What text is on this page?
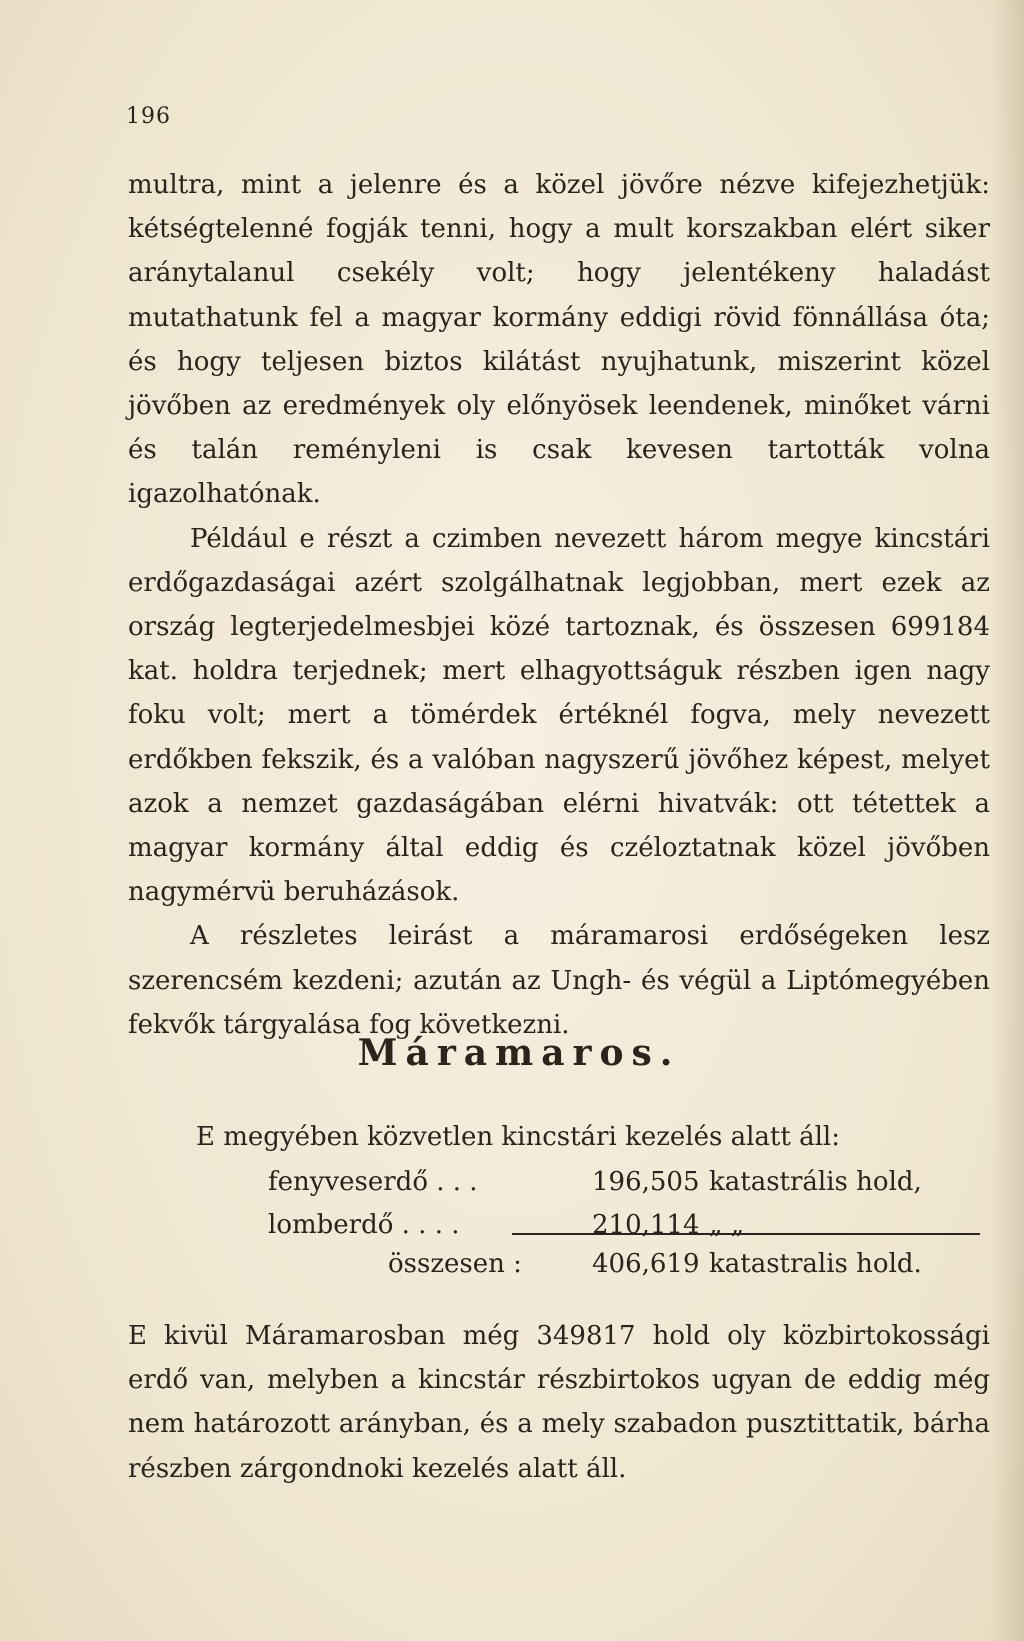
196

multra, mint a jelenre és a közel jövőre nézve kifejezhetjük: kétségtelenné fogják tenni, hogy a mult korszakban elért siker aránytalanul csekély volt; hogy jelentékeny haladást mutathatunk fel a magyar kormány eddigi rövid fönnállása óta; és hogy teljesen biztos kilátást nyujhatunk, miszerint közel jövőben az eredmények oly előnyösek leendenek, minőket várni és talán reményleni is csak kevesen tartották volna igazolhatónak.

Például e részt a czimben nevezett három megye kincstári erdőgazdaságai azért szolgálhatnak legjobban, mert ezek az ország legterjedelmesbjei közé tartoznak, és összesen 699184 kat. holdra terjednek; mert elhagyottságuk részben igen nagy foku volt; mert a tömérdek értéknél fogva, mely nevezett erdőkben fekszik, és a valóban nagyszerű jövőhez képest, melyet azok a nemzet gazdaságában elérni hivatvák: ott tétettek a magyar kormány által eddig és czéloztatnak közel jövőben nagymérvü beruházások.

A részletes leirást a máramarosi erdőségeken lesz szerencsém kezdeni; azután az Ungh- és végül a Liptómegyében fekvők tárgyalása fog következni.

Máramaros.

E megyében közvetlen kincstári kezelés alatt áll:

fenyveserdő . . .	196,505 katastrális hold,
lomberdő . . . .	210,114 „ „
összesen :	406,619 katastralis hold.

E kivül Máramarosban még 349817 hold oly közbirtokossági erdő van, melyben a kincstár részbirtokos ugyan de eddig még nem határozott arányban, és a mely szabadon pusztittatik, bárha részben zárgondnoki kezelés alatt áll.
